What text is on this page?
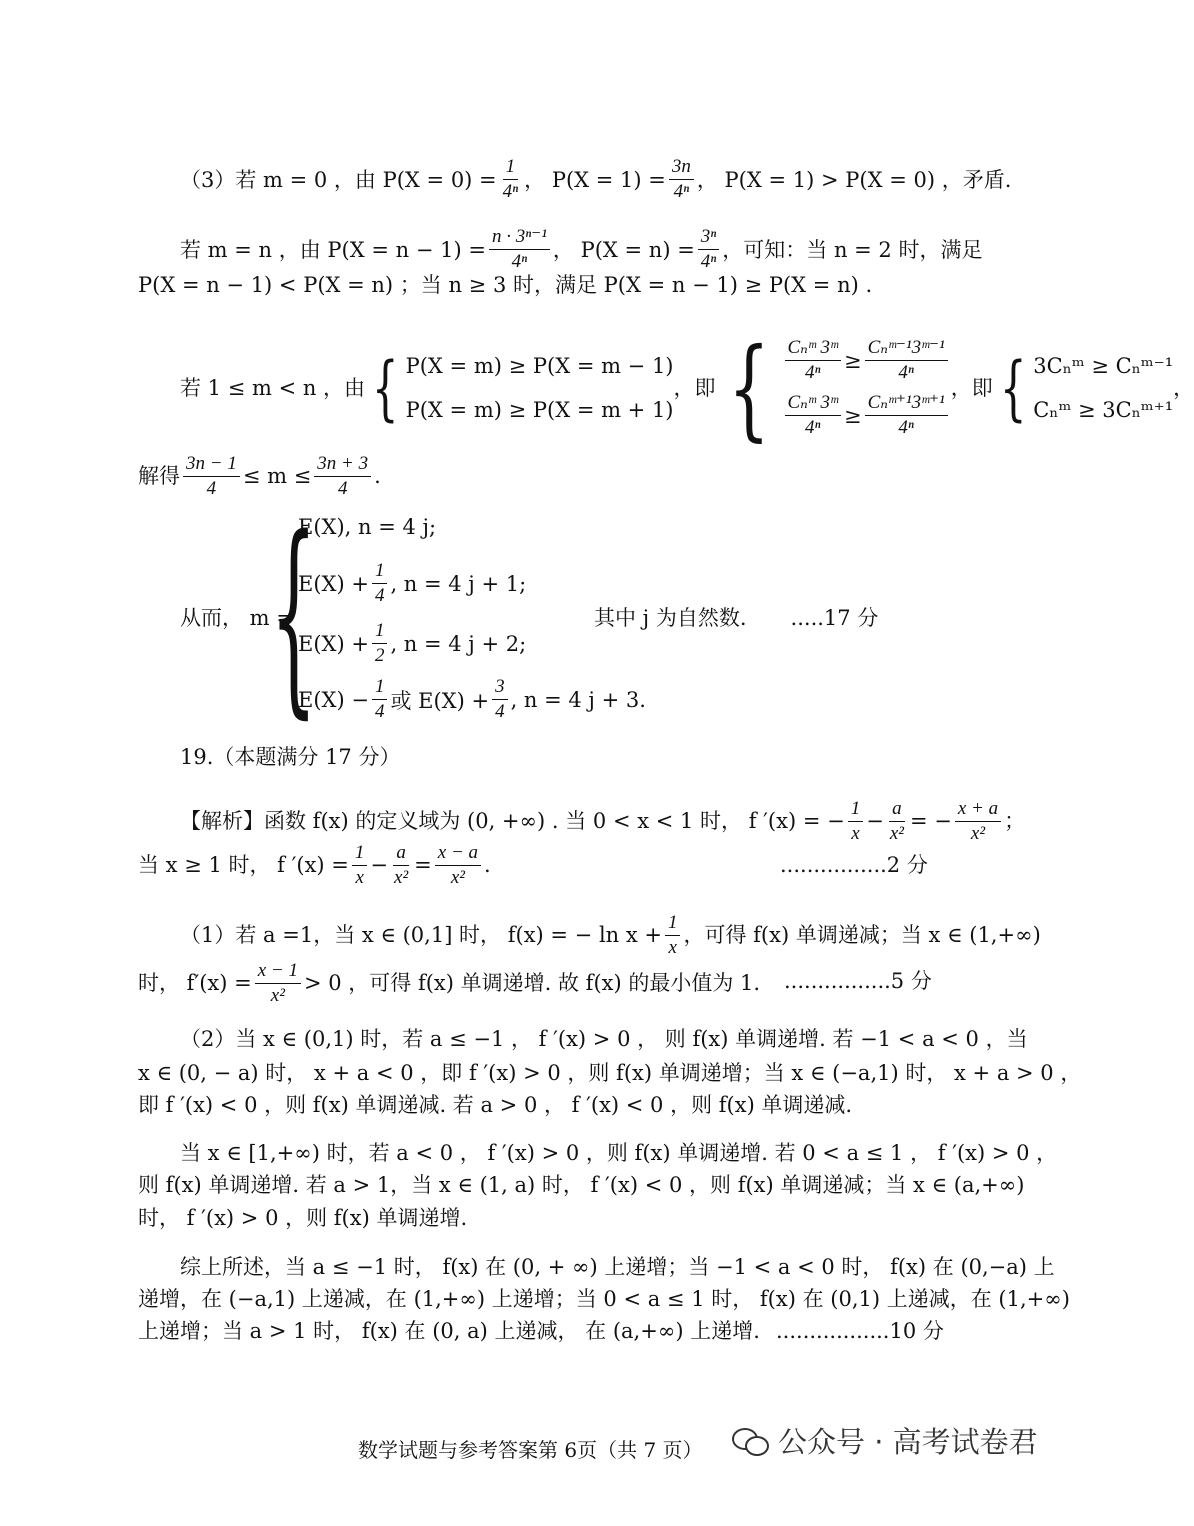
（3）若 m = 0 ，由 $P(X = 0) = \frac{1}{\text{4ⁿ}}$ ， $P(X = 1) = \frac{3n}{\text{4ⁿ}}$ ， P(X = 1) > P(X = 0) ，矛盾.
若 m = n ，由 $P(X = n - 1) = \frac{\text{n · 3ⁿ⁻¹}}{\text{4ⁿ}}$ ， $P(X = n) = \frac{\text{3ⁿ}}{\text{4ⁿ}}$ ，可知：当 n = 2 时，满足
P(X = n − 1) < P(X = n) ；当 n ≥ 3 时，满足 P(X = n − 1) ≥ P(X = n) .
若 1 ≤ m < n ，由 { P(X = m) ≥ P(X = m − 1)
P(X = m) ≥ P(X = m + 1)
，即 { $\frac{\text{Cₙᵐ 3ᵐ}}{\text{4ⁿ}} \ge \frac{\text{Cₙᵐ⁻¹3ᵐ⁻¹}}{\text{4ⁿ}}$
$\frac{\text{Cₙᵐ 3ᵐ}}{\text{4ⁿ}} \ge \frac{\text{Cₙᵐ⁺¹3ᵐ⁺¹}}{\text{4ⁿ}}$
，即 { 3Cₙᵐ ≥ Cₙᵐ⁻¹
Cₙᵐ ≥ 3Cₙᵐ⁺¹
，
解得 $\frac{3n - 1}{4} \le m \le \frac{3n + 3}{4}$ .
从而， m =
{
E(X), n = 4 j;
$E(X) + \frac{1}{4}$ , n = 4 j + 1;
$E(X) + \frac{1}{2}$ , n = 4 j + 2;
$E(X) - \frac{1}{4}$ 或 $E(X) + \frac{3}{4}$ , n = 4 j + 3.
其中 j 为自然数. .....17 分
19.（本题满分 17 分）
【解析】函数 f(x) 的定义域为 (0, +∞) . 当 0 < x < 1 时， f ′(x) = − $\frac{1}{x} - \frac{a}{\text{x²}}$ = − $\frac{x + a}{\text{x²}}$ ；
当 x ≥ 1 时， f $'(x) = \frac{1}{x} - \frac{a}{\text{x²}} = \frac{x - a}{\text{x²}}$ .	................2 分
（1）若 a =1，当 x ∈ (0,1] 时， f(x) = − $\ln x + \frac{1}{x}$ ，可得 f(x) 单调递减；当 x ∈ (1,+∞)
时， $f'(x) = \frac{x - 1}{\text{x²}} > 0$ ，可得 f(x) 单调递增. 故 f(x) 的最小值为 1. ................5 分
（2）当 x ∈ (0,1) 时，若 a ≤ −1 ， f ′(x) > 0 ， 则 f(x) 单调递增. 若 −1 < a < 0 ，当
x ∈ (0, − a) 时， x + a < 0 ，即 f ′(x) > 0 ，则 f(x) 单调递增；当 x ∈ (−a,1) 时， x + a > 0 ，
即 f ′(x) < 0 ，则 f(x) 单调递减. 若 a > 0 ， f ′(x) < 0 ，则 f(x) 单调递减.
当 x ∈ [1,+∞) 时，若 a < 0 ， f ′(x) > 0 ，则 f(x) 单调递增. 若 0 < a ≤ 1 ， f ′(x) > 0 ，
则 f(x) 单调递增. 若 a > 1，当 x ∈ (1, a) 时， f ′(x) < 0 ，则 f(x) 单调递减；当 x ∈ (a,+∞)
时， f ′(x) > 0 ，则 f(x) 单调递增.
综上所述，当 a ≤ −1 时， f(x) 在 (0, + ∞) 上递增；当 −1 < a < 0 时， f(x) 在 (0,−a) 上
递增，在 (−a,1) 上递减，在 (1,+∞) 上递增；当 0 < a ≤ 1 时， f(x) 在 (0,1) 上递减，在 (1,+∞)
上递增；当 a > 1 时， f(x) 在 (0, a) 上递减， 在 (a,+∞) 上递增. .................10 分
数学试题与参考答案第 6页（共 7 页）	公众号 · 高考试卷君
